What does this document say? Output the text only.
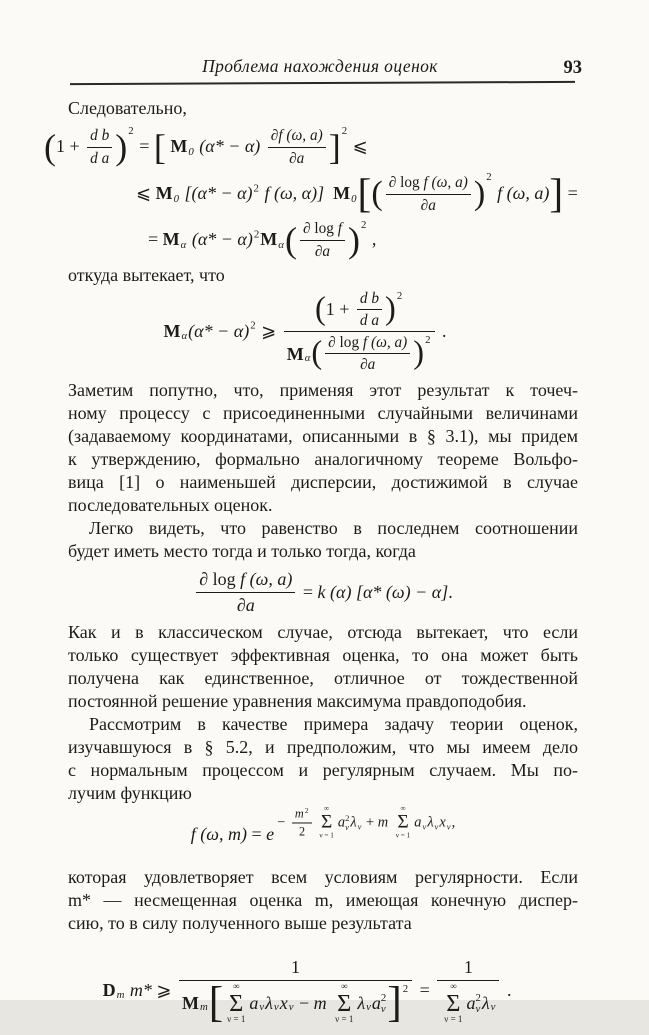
Проблема нахождения оценок	93

Следовательно,

( 1 +
d b
d a ) 2
= [ M 0 (α* − α)
∂f (ω, a)
∂a ] 2
⩽
⩽ M 0 [(α* − α) 2 f (ω, α)] M 0 [ ( ∂ log f (ω, a)
∂a ) 2
f (ω, a) ] =
= M α (α* − α) 2 M α ( ∂ log f
∂a ) 2
,

откуда вытекает, что

M α (α* − α) 2 ⩾
( 1 +
d b
d a ) 2
M α ( ∂ log f (ω, a)
∂a ) 2 .
Заметим попутно, что, применяя этот результат к точеч-
ному процессу с присоединенными случайными величинами
(задаваемому координатами, описанными в § 3.1), мы придем
к утверждению, формально аналогичному теореме Вольфо-
вица [1] о наименьшей дисперсии, достижимой в случае
последовательных оценок.
Легко видеть, что равенство в последнем соотношении
будет иметь место тогда и только тогда, когда
∂ log f (ω, a)
∂a
= k (α) [α* (ω) − α] .
Как и в классическом случае, отсюда вытекает, что если
только существует эффективная оценка, то она может быть
получена как единственное, отличное от тождественной
постоянной решение уравнения максимума правдоподобия.
Рассмотрим в качестве примера задачу теории оценок,
изучавшуюся в § 5.2, и предположим, что мы имеем дело
с нормальным процессом и регулярным случаем. Мы по-
лучим функцию
f (ω, m) = e
−
m 2
2
∞
Σ
ν = 1
a 2
ν λ ν + m
∞
Σ
ν = 1
a ν λ ν x ν ,
которая удовлетворяет всем условиям регулярности. Если
m* — несмещенная оценка m, имеющая конечную диспер-
сию, то в силу полученного выше результата
D m m* ⩾
1
M m [ ∞
Σ
ν = 1
a ν λ ν x ν − m
∞
Σ
ν = 1
λ ν a 2
ν ] 2 =
1
∞
Σ
ν = 1
a 2
ν λ ν
.
